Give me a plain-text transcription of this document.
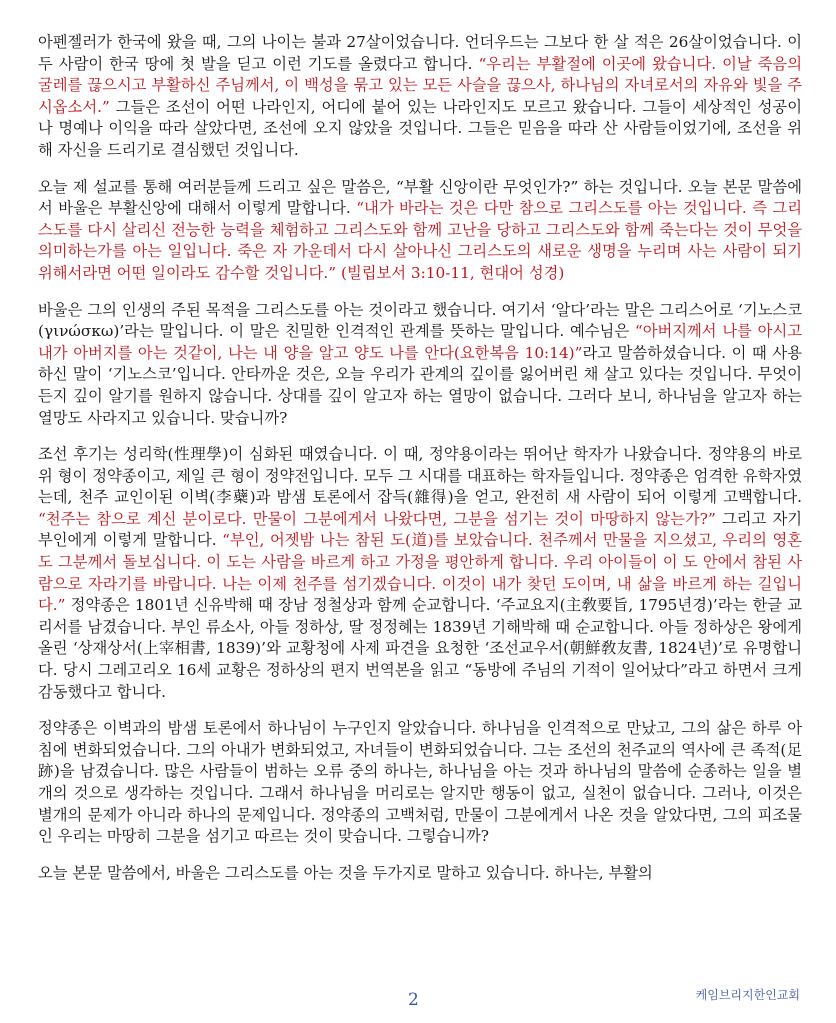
아펜젤러가 한국에 왔을 때, 그의 나이는 불과 27살이었습니다. 언더우드는 그보다 한 살 적은 26살이었습니다. 이 두 사람이 한국 땅에 첫 발을 딛고 이런 기도를 올렸다고 합니다. “우리는 부활절에 이곳에 왔습니다. 이날 죽음의 굴레를 끊으시고 부활하신 주님께서, 이 백성을 묶고 있는 모든 사슬을 끊으사, 하나님의 자녀로서의 자유와 빛을 주시옵소서.” 그들은 조선이 어떤 나라인지, 어디에 붙어 있는 나라인지도 모르고 왔습니다. 그들이 세상적인 성공이나 명예나 이익을 따라 살았다면, 조선에 오지 않았을 것입니다. 그들은 믿음을 따라 산 사람들이었기에, 조선을 위해 자신을 드리기로 결심했던 것입니다.

오늘 제 설교를 통해 여러분들께 드리고 싶은 말씀은, “부활 신앙이란 무엇인가?” 하는 것입니다. 오늘 본문 말씀에서 바울은 부활신앙에 대해서 이렇게 말합니다. “내가 바라는 것은 다만 참으로 그리스도를 아는 것입니다. 즉 그리스도를 다시 살리신 전능한 능력을 체험하고 그리스도와 함께 고난을 당하고 그리스도와 함께 죽는다는 것이 무엇을 의미하는가를 아는 일입니다. 죽은 자 가운데서 다시 살아나신 그리스도의 새로운 생명을 누리며 사는 사람이 되기 위해서라면 어떤 일이라도 감수할 것입니다.” (빌립보서 3:10-11, 현대어 성경)

바울은 그의 인생의 주된 목적을 그리스도를 아는 것이라고 했습니다. 여기서 ‘알다’라는 말은 그리스어로 ‘기노스코(γινώσκω)’라는 말입니다. 이 말은 친밀한 인격적인 관계를 뜻하는 말입니다. 예수님은 “아버지께서 나를 아시고 내가 아버지를 아는 것같이, 나는 내 양을 알고 양도 나를 안다(요한복음 10:14)”라고 말씀하셨습니다. 이 때 사용하신 말이 ‘기노스코’입니다. 안타까운 것은, 오늘 우리가 관계의 깊이를 잃어버린 채 살고 있다는 것입니다. 무엇이든지 깊이 알기를 원하지 않습니다. 상대를 깊이 알고자 하는 열망이 없습니다. 그러다 보니, 하나님을 알고자 하는 열망도 사라지고 있습니다. 맞습니까?

조선 후기는 성리학(性理學)이 심화된 때였습니다. 이 때, 정약용이라는 뛰어난 학자가 나왔습니다. 정약용의 바로 위 형이 정약종이고, 제일 큰 형이 정약전입니다. 모두 그 시대를 대표하는 학자들입니다. 정약종은 엄격한 유학자였는데, 천주 교인이된 이벽(李蘗)과 밤샘 토론에서 잡득(雜得)을 얻고, 완전히 새 사람이 되어 이렇게 고백합니다. “천주는 참으로 계신 분이로다. 만물이 그분에게서 나왔다면, 그분을 섬기는 것이 마땅하지 않는가?” 그리고 자기 부인에게 이렇게 말합니다. “부인, 어젯밤 나는 참된 도(道)를 보았습니다. 천주께서 만물을 지으셨고, 우리의 영혼도 그분께서 돌보십니다. 이 도는 사람을 바르게 하고 가정을 평안하게 합니다. 우리 아이들이 이 도 안에서 참된 사람으로 자라기를 바랍니다. 나는 이제 천주를 섬기겠습니다. 이것이 내가 찾던 도이며, 내 삶을 바르게 하는 길입니다.” 정약종은 1801년 신유박해 때 장남 정철상과 함께 순교합니다. ‘주교요지(主敎要旨, 1795년경)’라는 한글 교리서를 남겼습니다. 부인 류소사, 아들 정하상, 딸 정정혜는 1839년 기해박해 때 순교합니다. 아들 정하상은 왕에게 올린 ‘상재상서(上宰相書, 1839)’와 교황청에 사제 파견을 요청한 ‘조선교우서(朝鮮敎友書, 1824년)’로 유명합니다. 당시 그레고리오 16세 교황은 정하상의 편지 번역본을 읽고 “동방에 주님의 기적이 일어났다”라고 하면서 크게 감동했다고 합니다.

정약종은 이벽과의 밤샘 토론에서 하나님이 누구인지 알았습니다. 하나님을 인격적으로 만났고, 그의 삶은 하루 아침에 변화되었습니다. 그의 아내가 변화되었고, 자녀들이 변화되었습니다. 그는 조선의 천주교의 역사에 큰 족적(足跡)을 남겼습니다. 많은 사람들이 범하는 오류 중의 하나는, 하나님을 아는 것과 하나님의 말씀에 순종하는 일을 별개의 것으로 생각하는 것입니다. 그래서 하나님을 머리로는 알지만 행동이 없고, 실천이 없습니다. 그러나, 이것은 별개의 문제가 아니라 하나의 문제입니다. 정약종의 고백처럼, 만물이 그분에게서 나온 것을 알았다면, 그의 피조물인 우리는 마땅히 그분을 섬기고 따르는 것이 맞습니다. 그렇습니까?

오늘 본문 말씀에서, 바울은 그리스도를 아는 것을 두가지로 말하고 있습니다. 하나는, 부활의

2	케임브리지한인교회
